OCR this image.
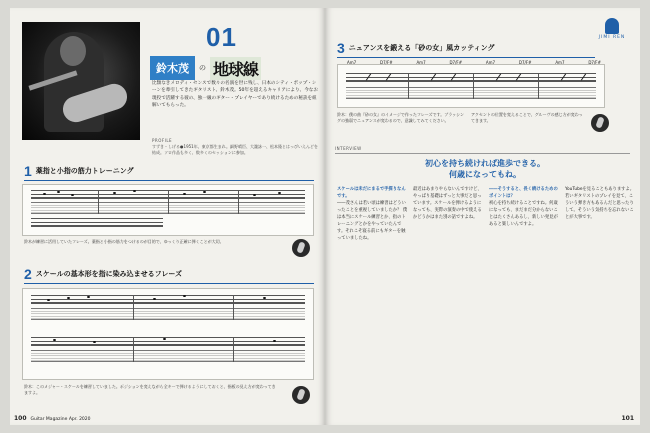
01
鈴木茂	の 地球線
比類なきメロディ・センスで数々の名演を世に残し、日本のシティ・ポップ・シーンを牽引してきたギタリスト、鈴木茂。50年を超えるキャリアにより、今なお現役で活躍する彼の、独一級のギター・プレイヤーであり続けるための秘訣を紐解いてもらった。
PROFILE
すずき・しげる●1951年、東京都生まれ。細野晴臣、大瀧詠一、松本隆とはっぴいえんどを結成。ソロ作品も多く、数多くのセッションに参加。
1 薬指と小指の筋力トレーニング
鈴木が練習に活用していたフレーズ。薬指と小指の筋力をつけるのが目的で、ゆっくり正確に弾くことが大切。
2 スケールの基本形を指に染み込ませるフレーズ
鈴木：このメジャー・スケールを練習していました。ポジションを変えながら全キーで弾けるようにしておくと、指板の見え方が変わってきますよ。
100 Guitar Magazine Apr. 2020
JIMI REN
3 ニュアンスを鍛える「砂の女」風カッティング
Am7	D7/F#	Am7	D7/F#	Am7	D7/F#	Am7	D7/F#
鈴木：僕の曲『砂の女』のイメージで作ったフレーズです。ブラッシングの強弱でニュアンスが変わるので、意識してみてください。
アクセントの位置を変えることで、グルーヴの感じ方が変わってきます。
INTERVIEW
初心を持ち続ければ進歩できる。
何歳になってもね。
スケールは未だにまるで手探りなんです。
――茂さんは若い頃は練習はどういったことを重視していましたか？ 僕は本当にスケール練習とか、指のトレーニングとかをやっていたんです。それこそ寝る前にもギターを触っていましたね。
最近はあまりやらないんですけど、やっぱり基礎はずっと大事だと思っています。スケールを弾けるようになっても、実際の演奏の中で使えるかどうかはまた別の話ですよね。
――そうすると、長く続けるためのポイントは？
初心を持ち続けることですね。何歳になっても、まだまだ分からないことはたくさんあるし、新しい発見があると楽しいんですよ。
YouTubeを見ることもありますよ。若いギタリストのプレイを見て、こういう弾き方もあるんだと思ったりして。そういう気持ちを忘れないことが大事です。
101
